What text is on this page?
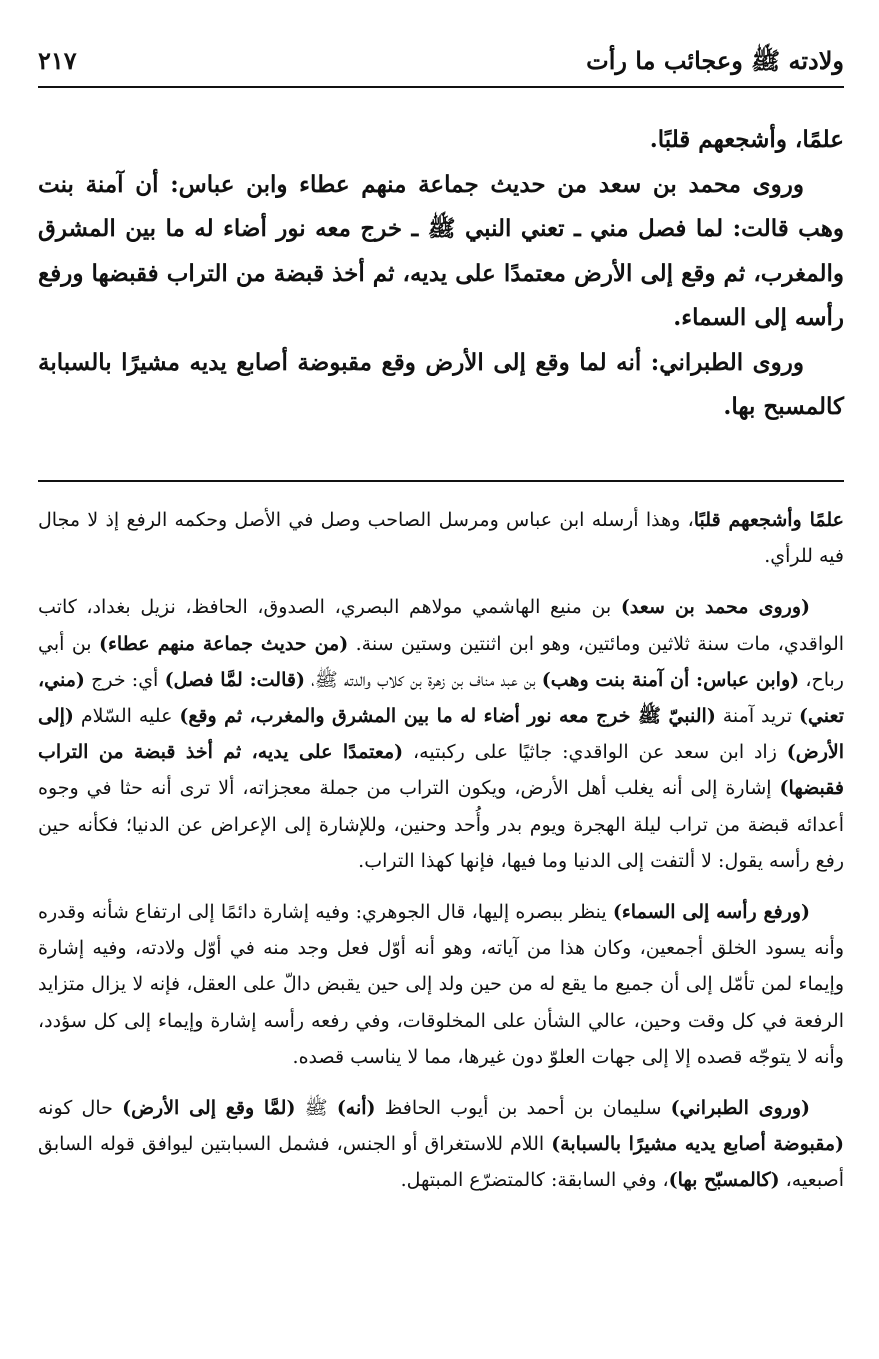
ولادته ﷺ وعجائب ما رأت
٢١٧

علمًا، وأشجعهم قلبًا.

وروى محمد بن سعد من حديث جماعة منهم عطاء وابن عباس: أن آمنة بنت وهب قالت: لما فصل مني ـ تعني النبي ﷺ ـ خرج معه نور أضاء له ما بين المشرق والمغرب، ثم وقع إلى الأرض معتمدًا على يديه، ثم أخذ قبضة من التراب فقبضها ورفع رأسه إلى السماء.

وروى الطبراني: أنه لما وقع إلى الأرض وقع مقبوضة أصابع يديه مشيرًا بالسبابة كالمسبح بها.

علمًا وأشجعهم قلبًا، وهذا أرسله ابن عباس ومرسل الصاحب وصل في الأصل وحكمه الرفع إذ لا مجال فيه للرأي.

(وروى محمد بن سعد) بن منيع الهاشمي مولاهم البصري، الصدوق، الحافظ، نزيل بغداد، كاتب الواقدي، مات سنة ثلاثين ومائتين، وهو ابن اثنتين وستين سنة. (من حديث جماعة منهم عطاء) بن أبي رباح، (وابن عباس: أن آمنة بنت وهب) بن عبد مناف بن زهرة بن كلاب والدته ﷺ، (قالت: لمَّا فصل) أي: خرج (مني، تعني) تريد آمنة (النبيّ ﷺ خرج معه نور أضاء له ما بين المشرق والمغرب، ثم وقع) عليه السّلام (إلى الأرض) زاد ابن سعد عن الواقدي: جاثيًا على ركبتيه، (معتمدًا على يديه، ثم أخذ قبضة من التراب فقبضها) إشارة إلى أنه يغلب أهل الأرض، ويكون التراب من جملة معجزاته، ألا ترى أنه حثا في وجوه أعدائه قبضة من تراب ليلة الهجرة ويوم بدر وأُحد وحنين، وللإشارة إلى الإعراض عن الدنيا؛ فكأنه حين رفع رأسه يقول: لا ألتفت إلى الدنيا وما فيها، فإنها كهذا التراب.

(ورفع رأسه إلى السماء) ينظر ببصره إليها، قال الجوهري: وفيه إشارة دائمًا إلى ارتفاع شأنه وقدره وأنه يسود الخلق أجمعين، وكان هذا من آياته، وهو أنه أوّل فعل وجد منه في أوّل ولادته، وفيه إشارة وإيماء لمن تأمّل إلى أن جميع ما يقع له من حين ولد إلى حين يقبض دالّ على العقل، فإنه لا يزال متزايد الرفعة في كل وقت وحين، عالي الشأن على المخلوقات، وفي رفعه رأسه إشارة وإيماء إلى كل سؤدد، وأنه لا يتوجّه قصده إلا إلى جهات العلوّ دون غيرها، مما لا يناسب قصده.

(وروى الطبراني) سليمان بن أحمد بن أيوب الحافظ (أنه) ﷺ (لمَّا وقع إلى الأرض) حال كونه (مقبوضة أصابع يديه مشيرًا بالسبابة) اللام للاستغراق أو الجنس، فشمل السبابتين ليوافق قوله السابق أصبعيه، (كالمسبّح بها)، وفي السابقة: كالمتضرّع المبتهل.
